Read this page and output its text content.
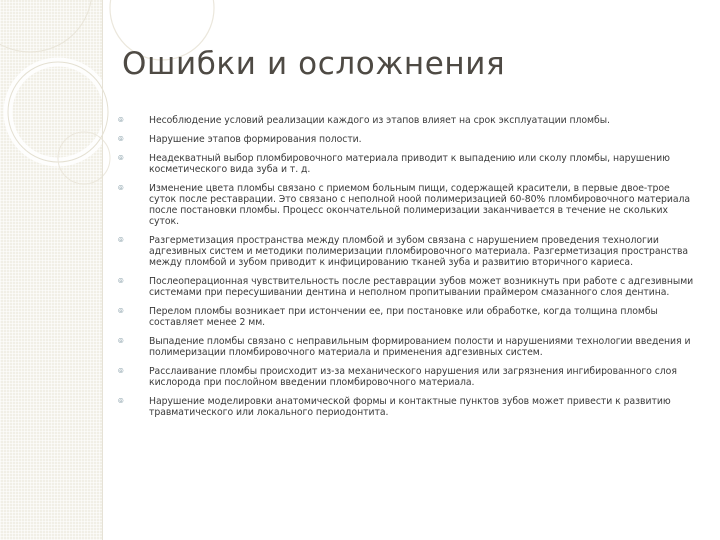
Ошибки и осложнения
⦾	Несоблюдение условий реализации каждого из этапов влияет на срок эксплуатации пломбы.
⦾	Нарушение этапов формирования полости.
⦾	Неадекватный выбор пломбировочного материала приводит к выпадению или сколу пломбы, нарушению косметического вида зуба и т. д.
⦾	Изменение цвета пломбы связано с приемом больным пищи, содержащей красители, в первые двое-трое суток после реставрации. Это связано с неполной ноой полимеризацией 60-80% пломбировочного материала после постановки пломбы. Процесс окончательной полимеризации заканчивается в течение не скольких суток.
⦾	Разгерметизация пространства между пломбой и зубом связана с нарушением проведения технологии адгезивных систем и методики полимеризации пломбировочного материала. Разгерметизация пространства между пломбой и зубом приводит к инфицированию тканей зуба и развитию вторичного кариеса.
⦾	Послеоперационная чувствительность после реставрации зубов может возникнуть при работе с адгезивными системами при пересушивании дентина и неполном пропитывании праймером смазанного слоя дентина.
⦾	Перелом пломбы возникает при истончении ее, при постановке или обработке, когда толщина пломбы составляет менее 2 мм.
⦾	Выпадение пломбы связано с неправильным формированием полости и нарушениями технологии введения и полимеризации пломбировочного материала и применения адгезивных систем.
⦾	Расслаивание пломбы происходит из-за механического нарушения или загрязнения ингибированного слоя кислорода при послойном введении пломбировочного материала.
⦾	Нарушение моделировки анатомической формы и контактные пунктов зубов может привести к развитию травматического или локального периодонтита.
